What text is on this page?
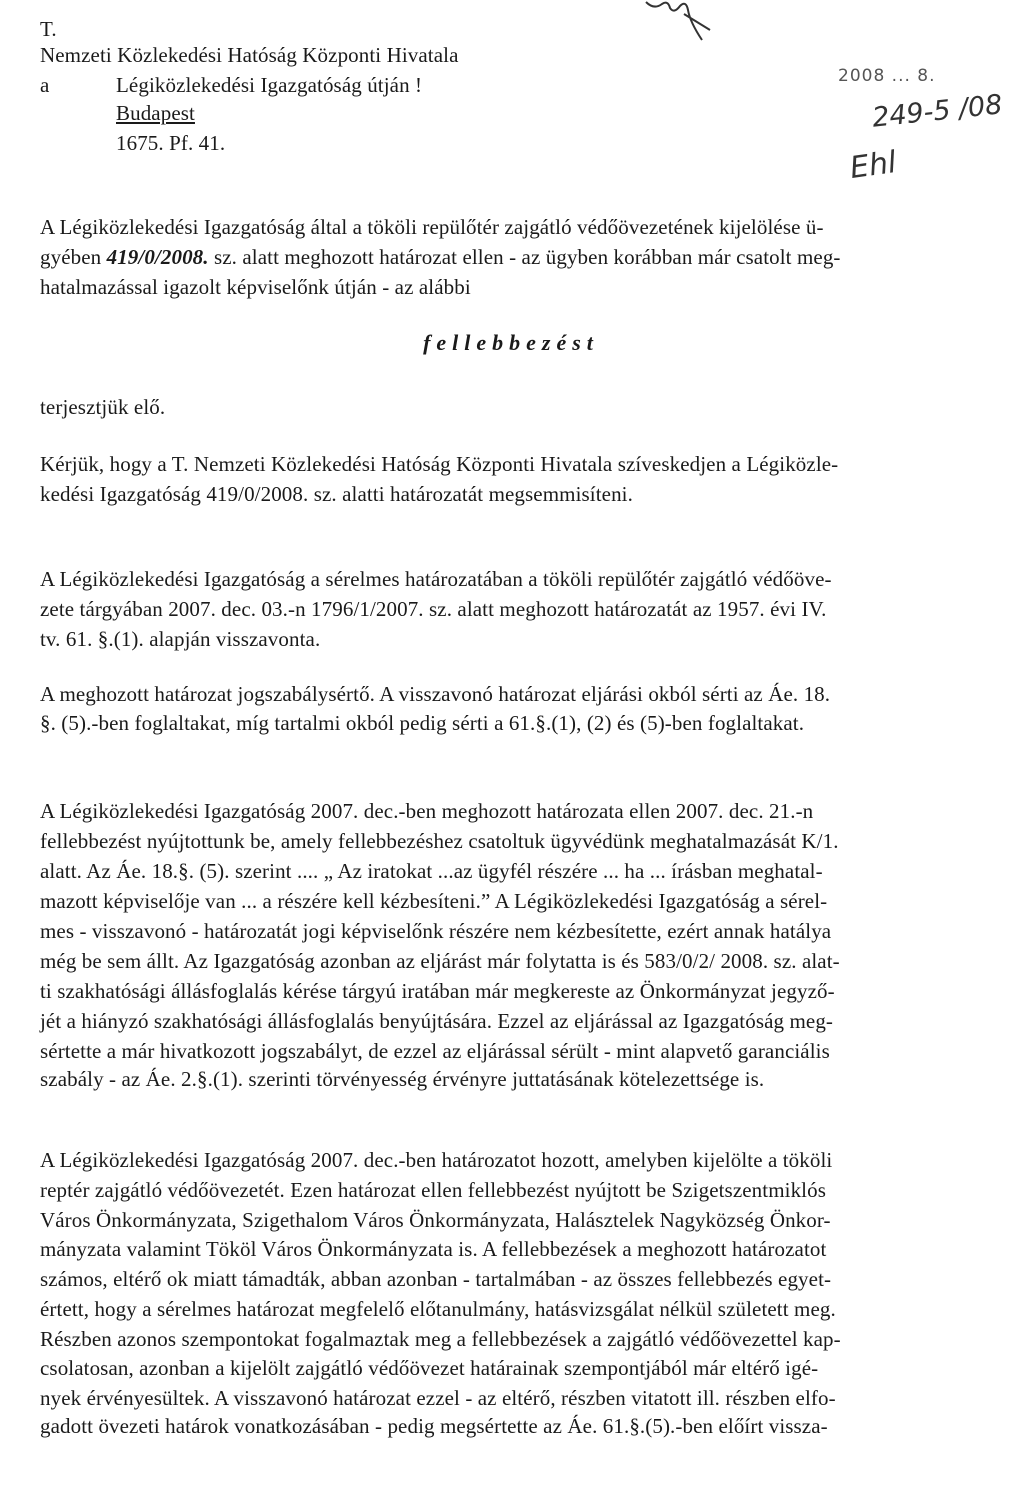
2008 ... 8.
249-5 /08
Ehl
T.
Nemzeti Közlekedési Hatóság Központi Hivatala
a	Légiközlekedési Igazgatóság útján !
Budapest
1675. Pf. 41.
A Légiközlekedési Igazgatóság által a tököli repülőtér zajgátló védőövezetének kijelölése ü-
gyében 419/0/2008. sz. alatt meghozott határozat ellen - az ügyben korábban már csatolt meg-
hatalmazással igazolt képviselőnk útján - az alábbi
fellebbezést
terjesztjük elő.
Kérjük, hogy a T. Nemzeti Közlekedési Hatóság Központi Hivatala szíveskedjen a Légiközle-
kedési Igazgatóság 419/0/2008. sz. alatti határozatát megsemmisíteni.
A Légiközlekedési Igazgatóság a sérelmes határozatában a tököli repülőtér zajgátló védőöve-
zete tárgyában 2007. dec. 03.-n 1796/1/2007. sz. alatt meghozott határozatát az 1957. évi IV.
tv. 61. §.(1). alapján visszavonta.
A meghozott határozat jogszabálysértő. A visszavonó határozat eljárási okból sérti az Áe. 18.
§. (5).-ben foglaltakat, míg tartalmi okból pedig sérti a 61.§.(1), (2) és (5)-ben foglaltakat.
A Légiközlekedési Igazgatóság 2007. dec.-ben meghozott határozata ellen 2007. dec. 21.-n
fellebbezést nyújtottunk be, amely fellebbezéshez csatoltuk ügyvédünk meghatalmazását K/1.
alatt. Az Áe. 18.§. (5). szerint .... „ Az iratokat ...az ügyfél részére ... ha ... írásban meghatal-
mazott képviselője van ... a részére kell kézbesíteni.” A Légiközlekedési Igazgatóság a sérel-
mes - visszavonó - határozatát jogi képviselőnk részére nem kézbesítette, ezért annak hatálya
még be sem állt. Az Igazgatóság azonban az eljárást már folytatta is és 583/0/2/ 2008. sz. alat-
ti szakhatósági állásfoglalás kérése tárgyú iratában már megkereste az Önkormányzat jegyző-
jét a hiányzó szakhatósági állásfoglalás benyújtására. Ezzel az eljárással az Igazgatóság meg-
sértette a már hivatkozott jogszabályt, de ezzel az eljárással sérült - mint alapvető garanciális
szabály - az Áe. 2.§.(1). szerinti törvényesség érvényre juttatásának kötelezettsége is.
A Légiközlekedési Igazgatóság 2007. dec.-ben határozatot hozott, amelyben kijelölte a tököli
reptér zajgátló védőövezetét. Ezen határozat ellen fellebbezést nyújtott be Szigetszentmiklós
Város Önkormányzata, Szigethalom Város Önkormányzata, Halásztelek Nagyközség Önkor-
mányzata valamint Tököl Város Önkormányzata is. A fellebbezések a meghozott határozatot
számos, eltérő ok miatt támadták, abban azonban - tartalmában - az összes fellebbezés egyet-
értett, hogy a sérelmes határozat megfelelő előtanulmány, hatásvizsgálat nélkül született meg.
Részben azonos szempontokat fogalmaztak meg a fellebbezések a zajgátló védőövezettel kap-
csolatosan, azonban a kijelölt zajgátló védőövezet határainak szempontjából már eltérő igé-
nyek érvényesültek. A visszavonó határozat ezzel - az eltérő, részben vitatott ill. részben elfo-
gadott övezeti határok vonatkozásában - pedig megsértette az Áe. 61.§.(5).-ben előírt vissza-
